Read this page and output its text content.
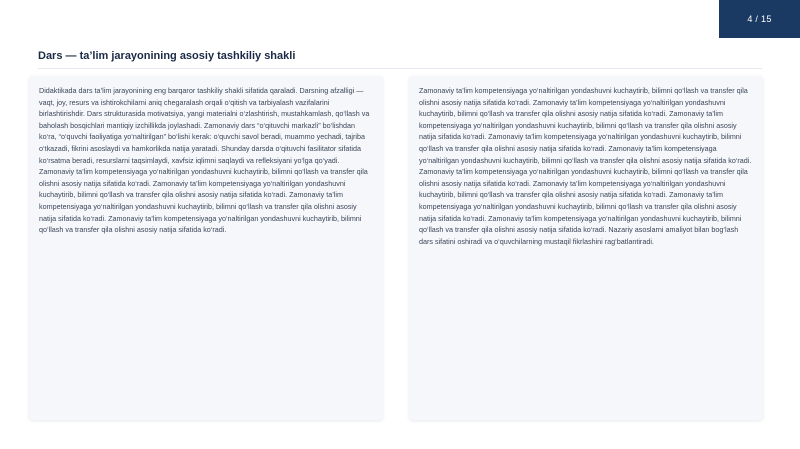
4 / 15
Dars — ta’lim jarayonining asosiy tashkiliy shakli

Didaktikada dars ta’lim jarayonining eng barqaror tashkiliy shakli sifatida qaraladi. Darsning afzalligi — vaqt, joy, resurs va ishtirokchilarni aniq chegaralash orqali o‘qitish va tarbiyalash vazifalarini birlashtirishdir. Dars strukturasida motivatsiya, yangi materialni o‘zlashtirish, mustahkamlash, qo‘llash va baholash bosqichlari mantiqiy izchillikda joylashadi. Zamonaviy dars “o‘qituvchi markazli” bo‘lishdan ko‘ra, “o‘quvchi faoliyatiga yo‘naltirilgan” bo‘lishi kerak: o‘quvchi savol beradi, muammo yechadi, tajriba o‘tkazadi, fikrini asoslaydi va hamkorlikda natija yaratadi. Shunday darsda o‘qituvchi fasilitator sifatida ko‘rsatma beradi, resurslarni taqsimlaydi, xavfsiz iqlimni saqlaydi va refleksiyani yo‘lga qo‘yadi. Zamonaviy ta’lim kompetensiyaga yo‘naltirilgan yondashuvni kuchaytirib, bilimni qo‘llash va transfer qila olishni asosiy natija sifatida ko‘radi. Zamonaviy ta’lim kompetensiyaga yo‘naltirilgan yondashuvni kuchaytirib, bilimni qo‘llash va transfer qila olishni asosiy natija sifatida ko‘radi. Zamonaviy ta’lim kompetensiyaga yo‘naltirilgan yondashuvni kuchaytirib, bilimni qo‘llash va transfer qila olishni asosiy natija sifatida ko‘radi. Zamonaviy ta’lim kompetensiyaga yo‘naltirilgan yondashuvni kuchaytirib, bilimni qo‘llash va transfer qila olishni asosiy natija sifatida ko‘radi.

Zamonaviy ta’lim kompetensiyaga yo‘naltirilgan yondashuvni kuchaytirib, bilimni qo‘llash va transfer qila olishni asosiy natija sifatida ko‘radi. Zamonaviy ta’lim kompetensiyaga yo‘naltirilgan yondashuvni kuchaytirib, bilimni qo‘llash va transfer qila olishni asosiy natija sifatida ko‘radi. Zamonaviy ta’lim kompetensiyaga yo‘naltirilgan yondashuvni kuchaytirib, bilimni qo‘llash va transfer qila olishni asosiy natija sifatida ko‘radi. Zamonaviy ta’lim kompetensiyaga yo‘naltirilgan yondashuvni kuchaytirib, bilimni qo‘llash va transfer qila olishni asosiy natija sifatida ko‘radi. Zamonaviy ta’lim kompetensiyaga yo‘naltirilgan yondashuvni kuchaytirib, bilimni qo‘llash va transfer qila olishni asosiy natija sifatida ko‘radi. Zamonaviy ta’lim kompetensiyaga yo‘naltirilgan yondashuvni kuchaytirib, bilimni qo‘llash va transfer qila olishni asosiy natija sifatida ko‘radi. Zamonaviy ta’lim kompetensiyaga yo‘naltirilgan yondashuvni kuchaytirib, bilimni qo‘llash va transfer qila olishni asosiy natija sifatida ko‘radi. Zamonaviy ta’lim kompetensiyaga yo‘naltirilgan yondashuvni kuchaytirib, bilimni qo‘llash va transfer qila olishni asosiy natija sifatida ko‘radi. Zamonaviy ta’lim kompetensiyaga yo‘naltirilgan yondashuvni kuchaytirib, bilimni qo‘llash va transfer qila olishni asosiy natija sifatida ko‘radi. Nazariy asoslarni amaliyot bilan bog‘lash dars sifatini oshiradi va o‘quvchilarning mustaqil fikrlashini rag‘batlantiradi.
